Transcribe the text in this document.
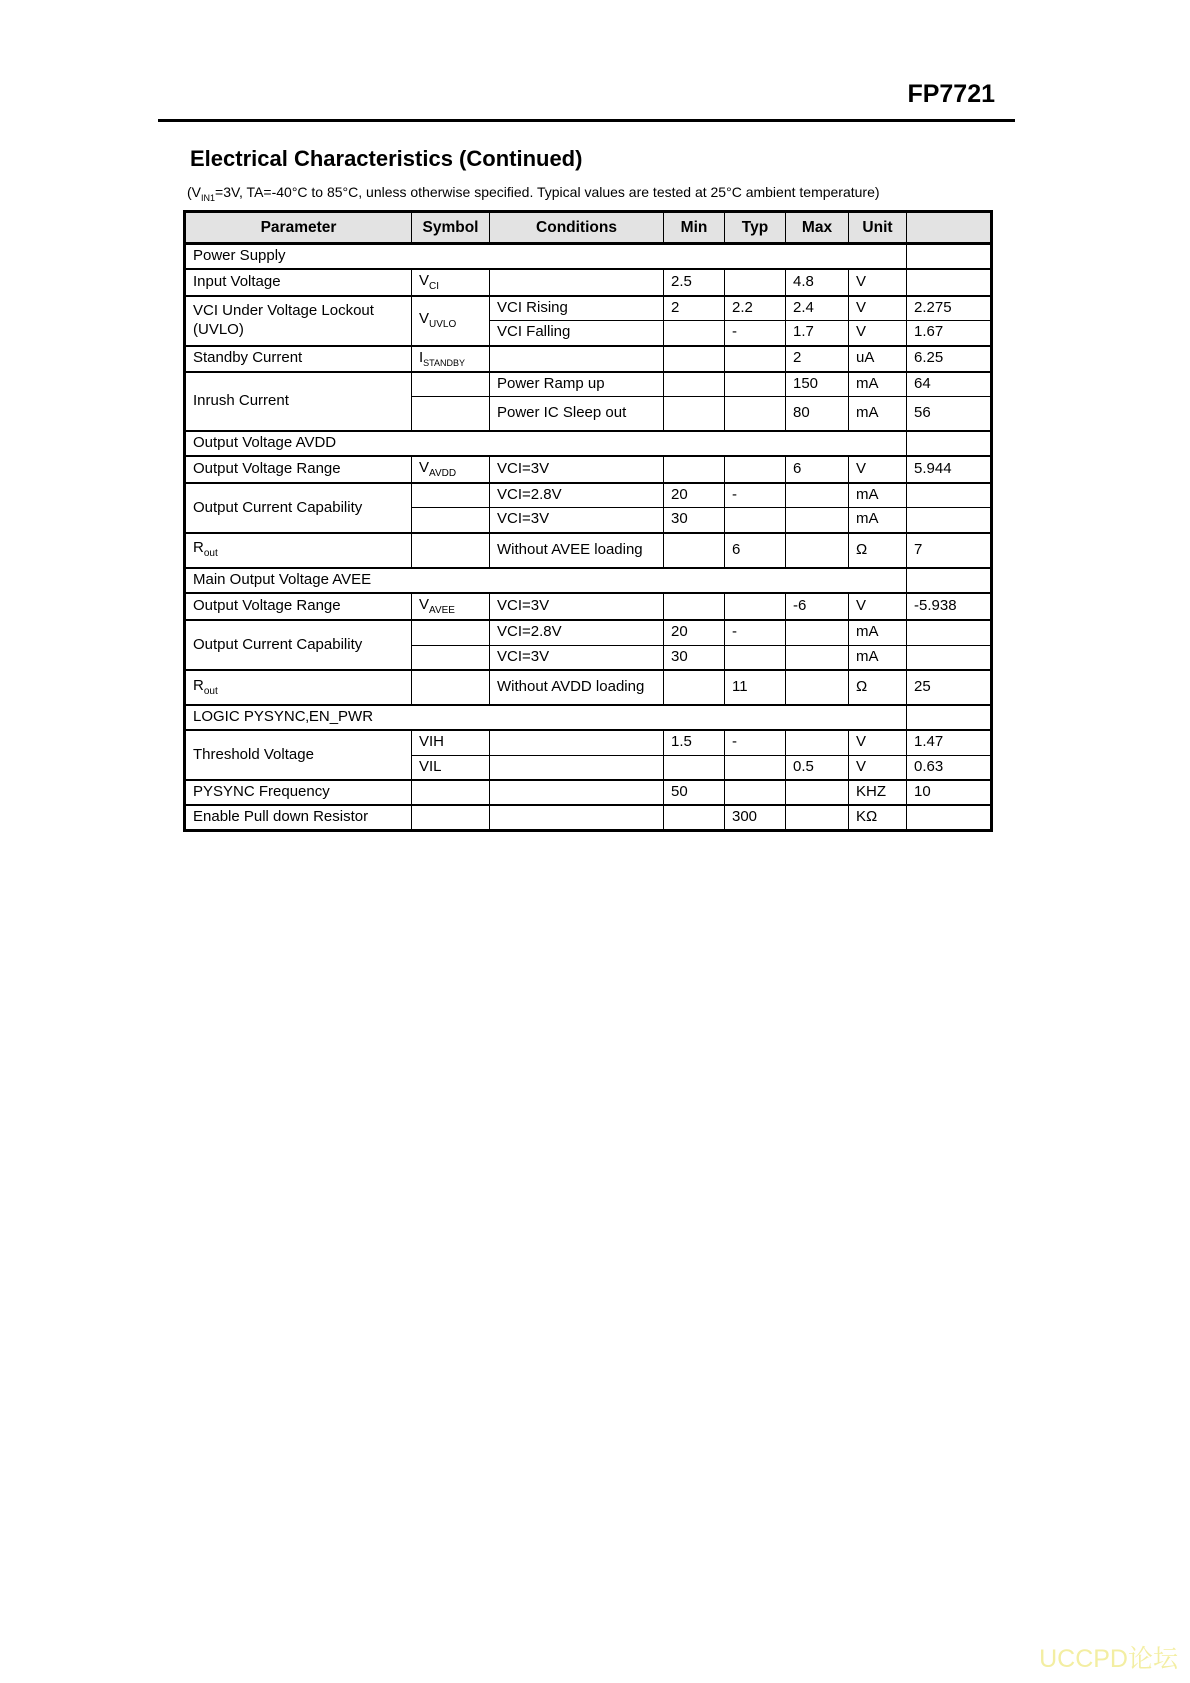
FP7721
Electrical Characteristics (Continued)
($V_{IN1}=3V$, TA=-40°C to 85°C, unless otherwise specified. Typical values are tested at 25°C ambient temperature)
Parameter	Symbol	Conditions	Min	Typ	Max	Unit	
Power Supply							
Input Voltage	$V_{CI}$		2.5		4.8	V	
VCI Under Voltage Lockout (UVLO)	$V_{UVLO}$	VCI Rising	2	2.2	2.4	V	2.275
		VCI Falling		-	1.7	V	1.67
Standby Current	$I_{STANDBY}$				2	uA	6.25
Inrush Current		Power Ramp up			150	mA	64
		Power IC Sleep out			80	mA	56
Output Voltage AVDD							
Output Voltage Range	$V_{AVDD}$	VCI=3V			6	V	5.944
Output Current Capability		VCI=2.8V	20	-		mA	
		VCI=3V	30			mA	
$R_{out}$		Without AVEE loading		6		Ω	7
Main Output Voltage AVEE							
Output Voltage Range	$V_{AVEE}$	VCI=3V			-6	V	-5.938
Output Current Capability		VCI=2.8V	20	-		mA	
		VCI=3V	30			mA	
$R_{out}$		Without AVDD loading		11		Ω	25
LOGIC PYSYNC‚EN_PWR							
Threshold Voltage	VIH		1.5	-		V	1.47
	VIL				0.5	V	0.63
PYSYNC Frequency			50			KHZ	10
Enable Pull down Resistor				300		KΩ	
UCCPD论坛
